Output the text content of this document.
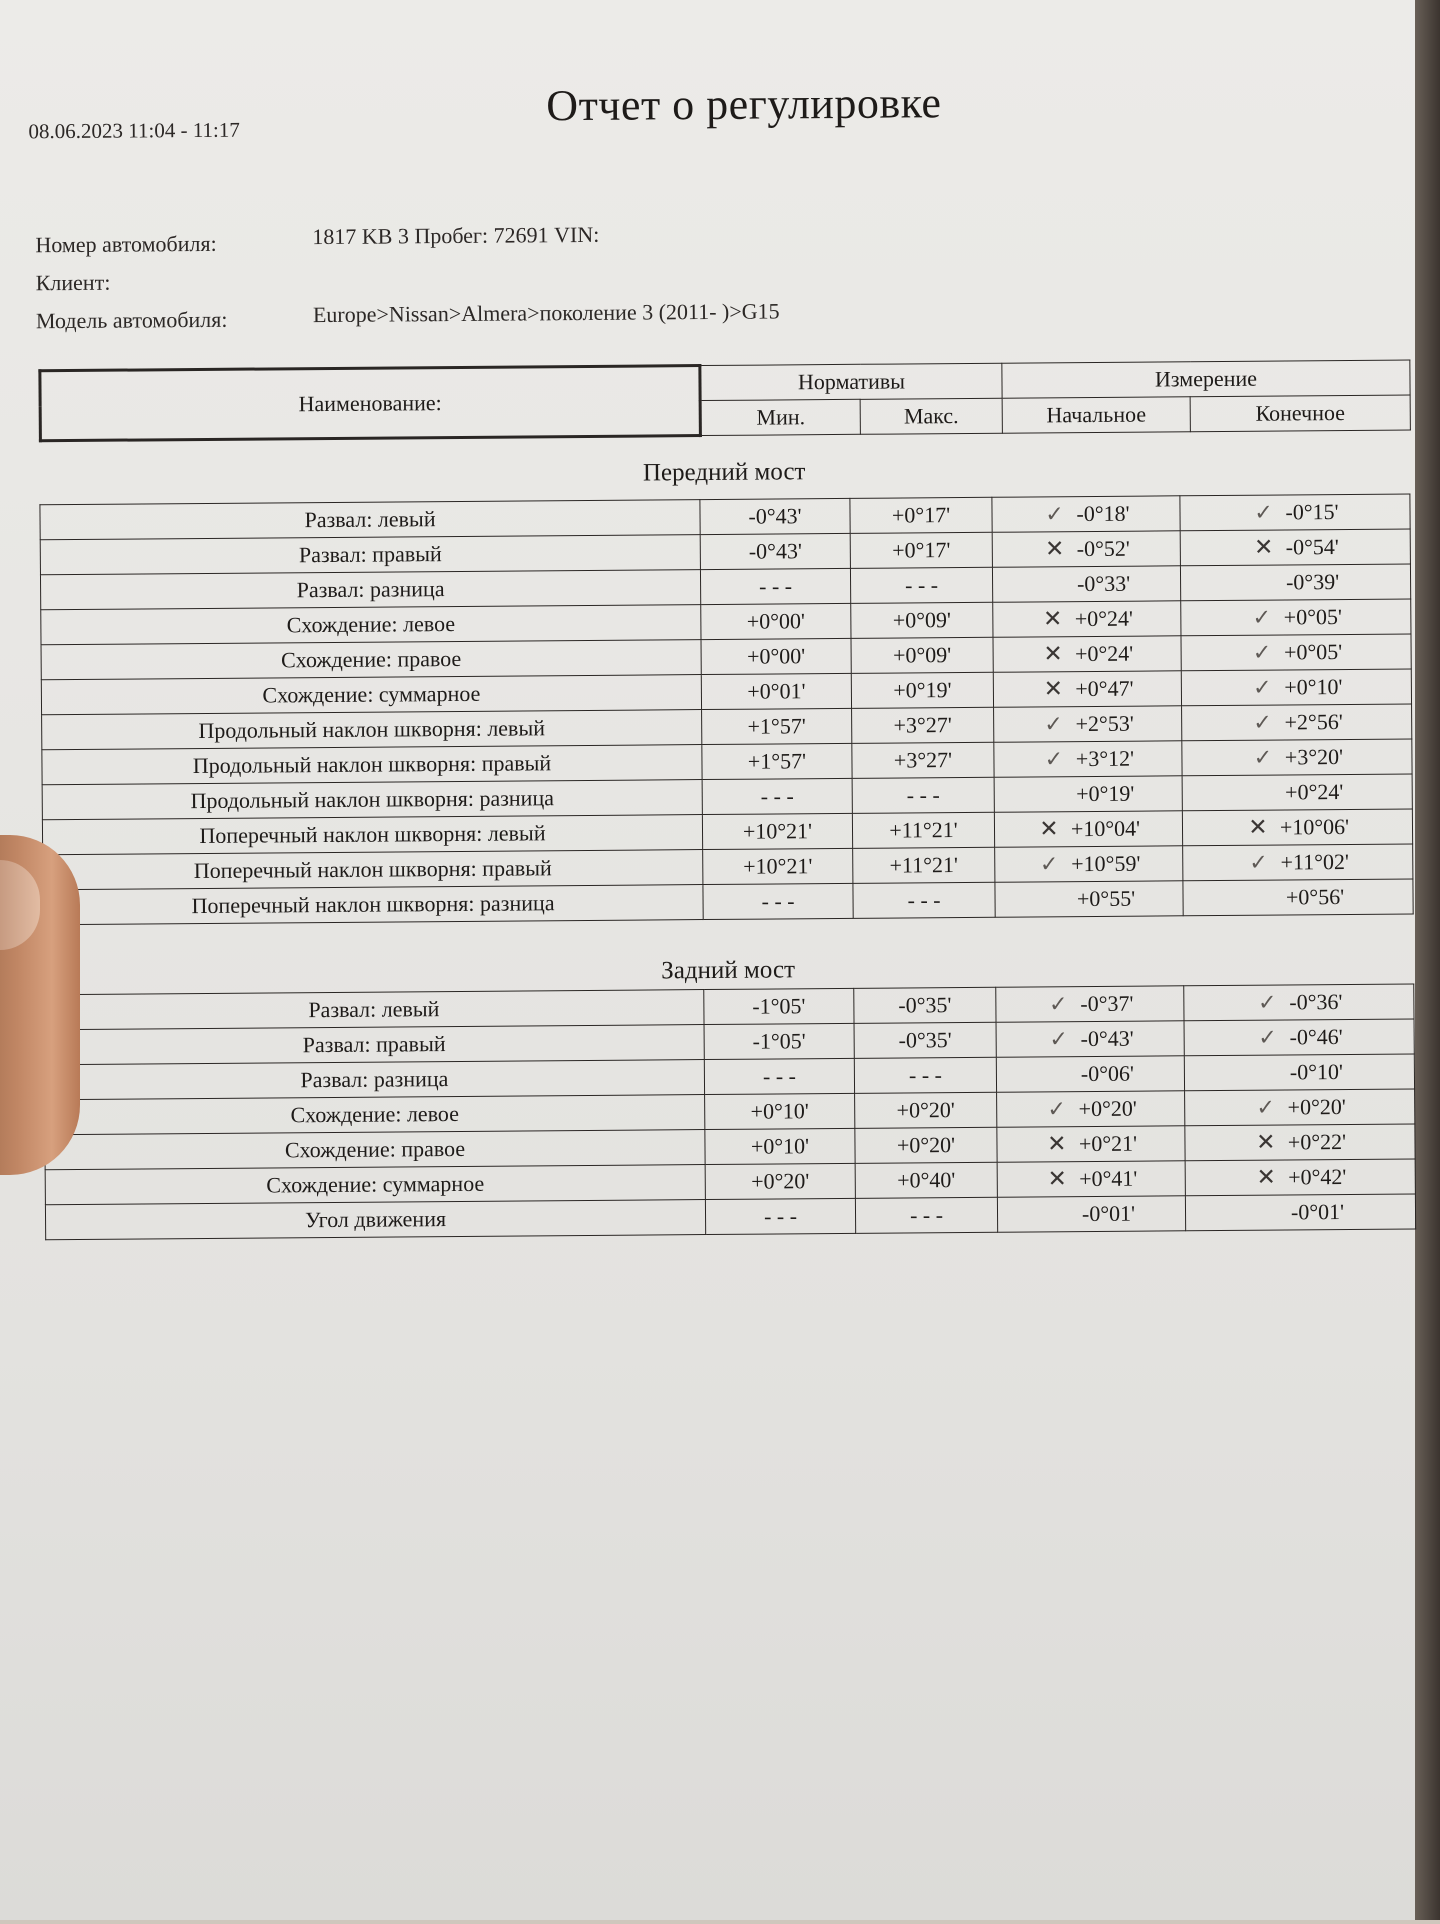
Отчет о регулировке
08.06.2023 11:04 - 11:17
Номер автомобиля:	1817 KB 3 Пробег: 72691 VIN:
Клиент:
Модель автомобиля:	Europe>Nissan>Almera>поколение 3 (2011- )>G15
Наименование:	Нормативы		Измерение	
	Мин.	Макс.	Начальное	Конечное
Передний мост
Развал: левый	-0°43'	+0°17'	✓ -0°18'	✓ -0°15'
Развал: правый	-0°43'	+0°17'	✕ -0°52'	✕ -0°54'
Развал: разница	- - -	- - -	-0°33'	-0°39'
Схождение: левое	+0°00'	+0°09'	✕ +0°24'	✓ +0°05'
Схождение: правое	+0°00'	+0°09'	✕ +0°24'	✓ +0°05'
Схождение: суммарное	+0°01'	+0°19'	✕ +0°47'	✓ +0°10'
Продольный наклон шкворня: левый	+1°57'	+3°27'	✓ +2°53'	✓ +2°56'
Продольный наклон шкворня: правый	+1°57'	+3°27'	✓ +3°12'	✓ +3°20'
Продольный наклон шкворня: разница	- - -	- - -	+0°19'	+0°24'
Поперечный наклон шкворня: левый	+10°21'	+11°21'	✕ +10°04'	✕ +10°06'
Поперечный наклон шкворня: правый	+10°21'	+11°21'	✓ +10°59'	✓ +11°02'
Поперечный наклон шкворня: разница	- - -	- - -	+0°55'	+0°56'
Задний мост
Развал: левый	-1°05'	-0°35'	✓ -0°37'	✓ -0°36'
Развал: правый	-1°05'	-0°35'	✓ -0°43'	✓ -0°46'
Развал: разница	- - -	- - -	-0°06'	-0°10'
Схождение: левое	+0°10'	+0°20'	✓ +0°20'	✓ +0°20'
Схождение: правое	+0°10'	+0°20'	✕ +0°21'	✕ +0°22'
Схождение: суммарное	+0°20'	+0°40'	✕ +0°41'	✕ +0°42'
Угол движения	- - -	- - -	-0°01'	-0°01'
